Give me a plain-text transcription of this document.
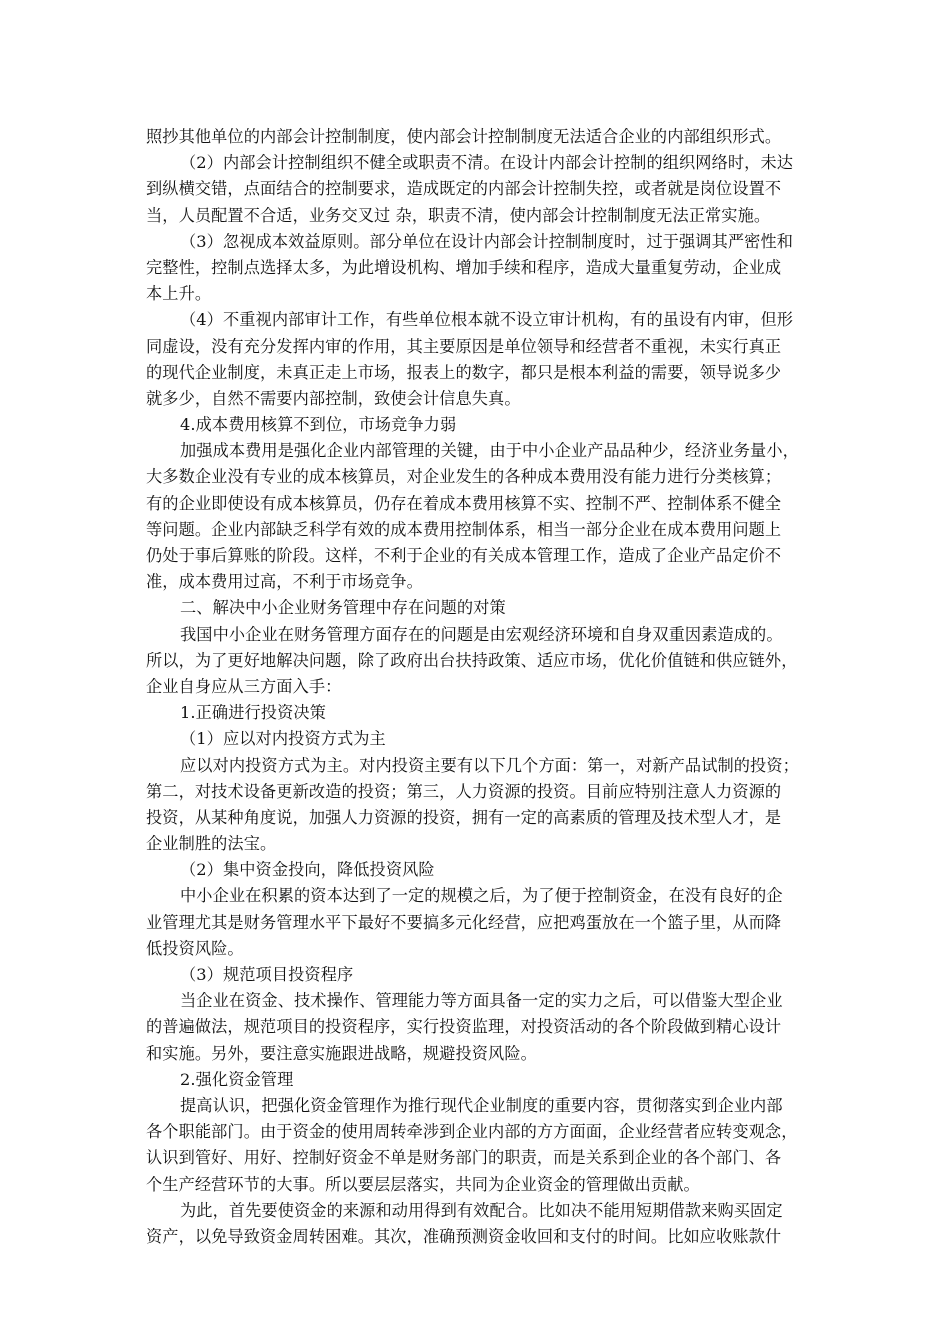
照抄其他单位的内部会计控制制度，使内部会计控制制度无法适合企业的内部组织形式。
（2）内部会计控制组织不健全或职责不清。在设计内部会计控制的组织网络时，未达
到纵横交错，点面结合的控制要求，造成既定的内部会计控制失控，或者就是岗位设置不
当，人员配置不合适，业务交叉过 杂，职责不清，使内部会计控制制度无法正常实施。
（3）忽视成本效益原则。部分单位在设计内部会计控制制度时，过于强调其严密性和
完整性，控制点选择太多，为此增设机构、增加手续和程序，造成大量重复劳动，企业成
本上升。
（4）不重视内部审计工作，有些单位根本就不设立审计机构，有的虽设有内审，但形
同虚设，没有充分发挥内审的作用，其主要原因是单位领导和经营者不重视，未实行真正
的现代企业制度，未真正走上市场，报表上的数字，都只是根本利益的需要，领导说多少
就多少，自然不需要内部控制，致使会计信息失真。
4.成本费用核算不到位，市场竞争力弱
加强成本费用是强化企业内部管理的关键，由于中小企业产品品种少，经济业务量小，
大多数企业没有专业的成本核算员，对企业发生的各种成本费用没有能力进行分类核算；
有的企业即使设有成本核算员，仍存在着成本费用核算不实、控制不严、控制体系不健全
等问题。企业内部缺乏科学有效的成本费用控制体系，相当一部分企业在成本费用问题上
仍处于事后算账的阶段。这样，不利于企业的有关成本管理工作，造成了企业产品定价不
准，成本费用过高，不利于市场竞争。
二、解决中小企业财务管理中存在问题的对策
我国中小企业在财务管理方面存在的问题是由宏观经济环境和自身双重因素造成的。
所以，为了更好地解决问题，除了政府出台扶持政策、适应市场，优化价值链和供应链外，
企业自身应从三方面入手：
1.正确进行投资决策
（1）应以对内投资方式为主
应以对内投资方式为主。对内投资主要有以下几个方面：第一，对新产品试制的投资；
第二，对技术设备更新改造的投资；第三，人力资源的投资。目前应特别注意人力资源的
投资，从某种角度说，加强人力资源的投资，拥有一定的高素质的管理及技术型人才，是
企业制胜的法宝。
（2）集中资金投向，降低投资风险
中小企业在积累的资本达到了一定的规模之后，为了便于控制资金，在没有良好的企
业管理尤其是财务管理水平下最好不要搞多元化经营，应把鸡蛋放在一个篮子里，从而降
低投资风险。
（3）规范项目投资程序
当企业在资金、技术操作、管理能力等方面具备一定的实力之后，可以借鉴大型企业
的普遍做法，规范项目的投资程序，实行投资监理，对投资活动的各个阶段做到精心设计
和实施。另外，要注意实施跟进战略，规避投资风险。
2.强化资金管理
提高认识，把强化资金管理作为推行现代企业制度的重要内容，贯彻落实到企业内部
各个职能部门。由于资金的使用周转牵涉到企业内部的方方面面，企业经营者应转变观念，
认识到管好、用好、控制好资金不单是财务部门的职责，而是关系到企业的各个部门、各
个生产经营环节的大事。所以要层层落实，共同为企业资金的管理做出贡献。
为此，首先要使资金的来源和动用得到有效配合。比如决不能用短期借款来购买固定
资产，以免导致资金周转困难。其次，准确预测资金收回和支付的时间。比如应收账款什
